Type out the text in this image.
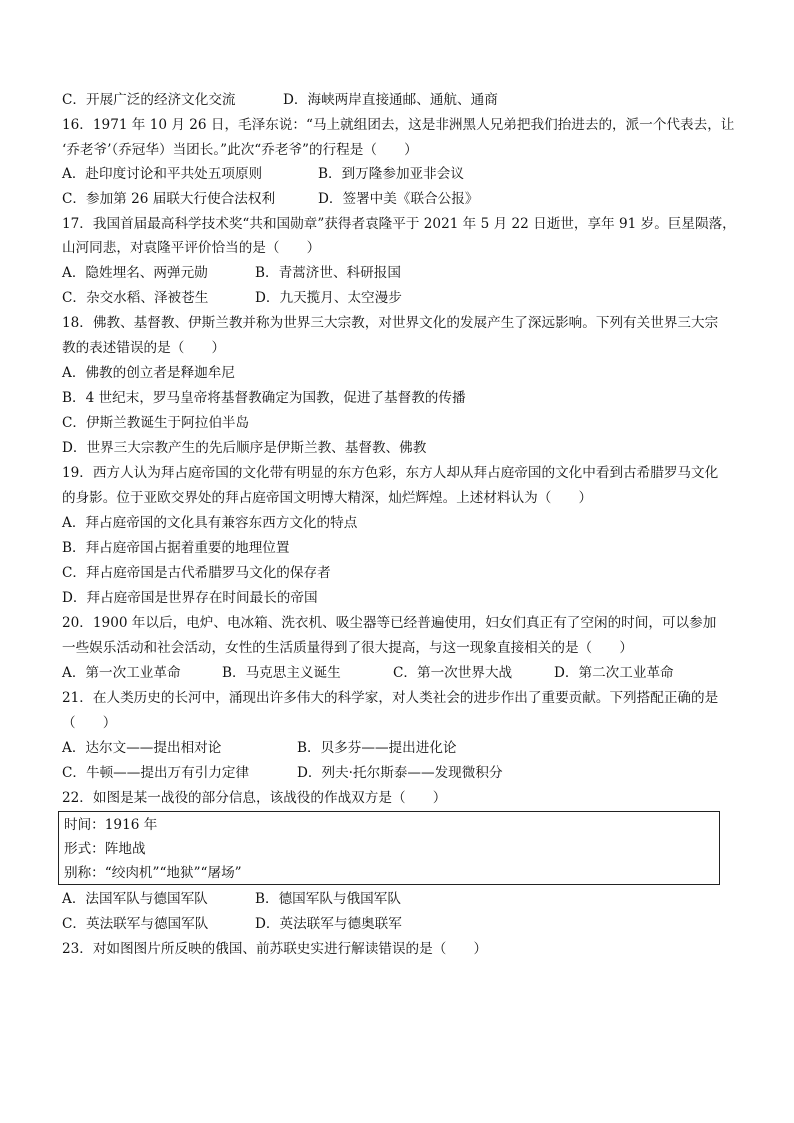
C．开展广泛的经济文化交流	D．海峡两岸直接通邮、通航、通商
16．1971 年 10 月 26 日，毛泽东说：“马上就组团去，这是非洲黑人兄弟把我们抬进去的，派一个代表去，让
‘乔老爷’（乔冠华）当团长。”此次“乔老爷”的行程是（　　）
A．赴印度讨论和平共处五项原则	B．到万隆参加亚非会议
C．参加第 26 届联大行使合法权利	D．签署中美《联合公报》
17．我国首届最高科学技术奖“共和国勋章”获得者袁隆平于 2021 年 5 月 22 日逝世，享年 91 岁。巨星陨落，
山河同悲，对袁隆平评价恰当的是（　　）
A．隐姓埋名、两弹元勋	B．青蒿济世、科研报国
C．杂交水稻、泽被苍生	D．九天揽月、太空漫步
18．佛教、基督教、伊斯兰教并称为世界三大宗教，对世界文化的发展产生了深远影响。下列有关世界三大宗
教的表述错误的是（　　）
A．佛教的创立者是释迦牟尼
B．4 世纪末，罗马皇帝将基督教确定为国教，促进了基督教的传播
C．伊斯兰教诞生于阿拉伯半岛
D．世界三大宗教产生的先后顺序是伊斯兰教、基督教、佛教
19．西方人认为拜占庭帝国的文化带有明显的东方色彩，东方人却从拜占庭帝国的文化中看到古希腊罗马文化
的身影。位于亚欧交界处的拜占庭帝国文明博大精深，灿烂辉煌。上述材料认为（　　）
A．拜占庭帝国的文化具有兼容东西方文化的特点
B．拜占庭帝国占据着重要的地理位置
C．拜占庭帝国是古代希腊罗马文化的保存者
D．拜占庭帝国是世界存在时间最长的帝国
20．1900 年以后，电炉、电冰箱、洗衣机、吸尘器等已经普遍使用，妇女们真正有了空闲的时间，可以参加
一些娱乐活动和社会活动，女性的生活质量得到了很大提高，与这一现象直接相关的是（　　）
A．第一次工业革命	B．马克思主义诞生	C．第一次世界大战	D．第二次工业革命
21．在人类历史的长河中，涌现出许多伟大的科学家，对人类社会的进步作出了重要贡献。下列搭配正确的是
（　　）
A．达尔文——提出相对论	B．贝多芬——提出进化论
C．牛顿——提出万有引力定律	D．列夫·托尔斯泰——发现微积分
22．如图是某一战役的部分信息，该战役的作战双方是（　　）
时间：1916 年
形式：阵地战
别称：“绞肉机”“地狱”“屠场”
A．法国军队与德国军队	B．德国军队与俄国军队
C．英法联军与德国军队	D．英法联军与德奥联军
23．对如图图片所反映的俄国、前苏联史实进行解读错误的是（　　）
